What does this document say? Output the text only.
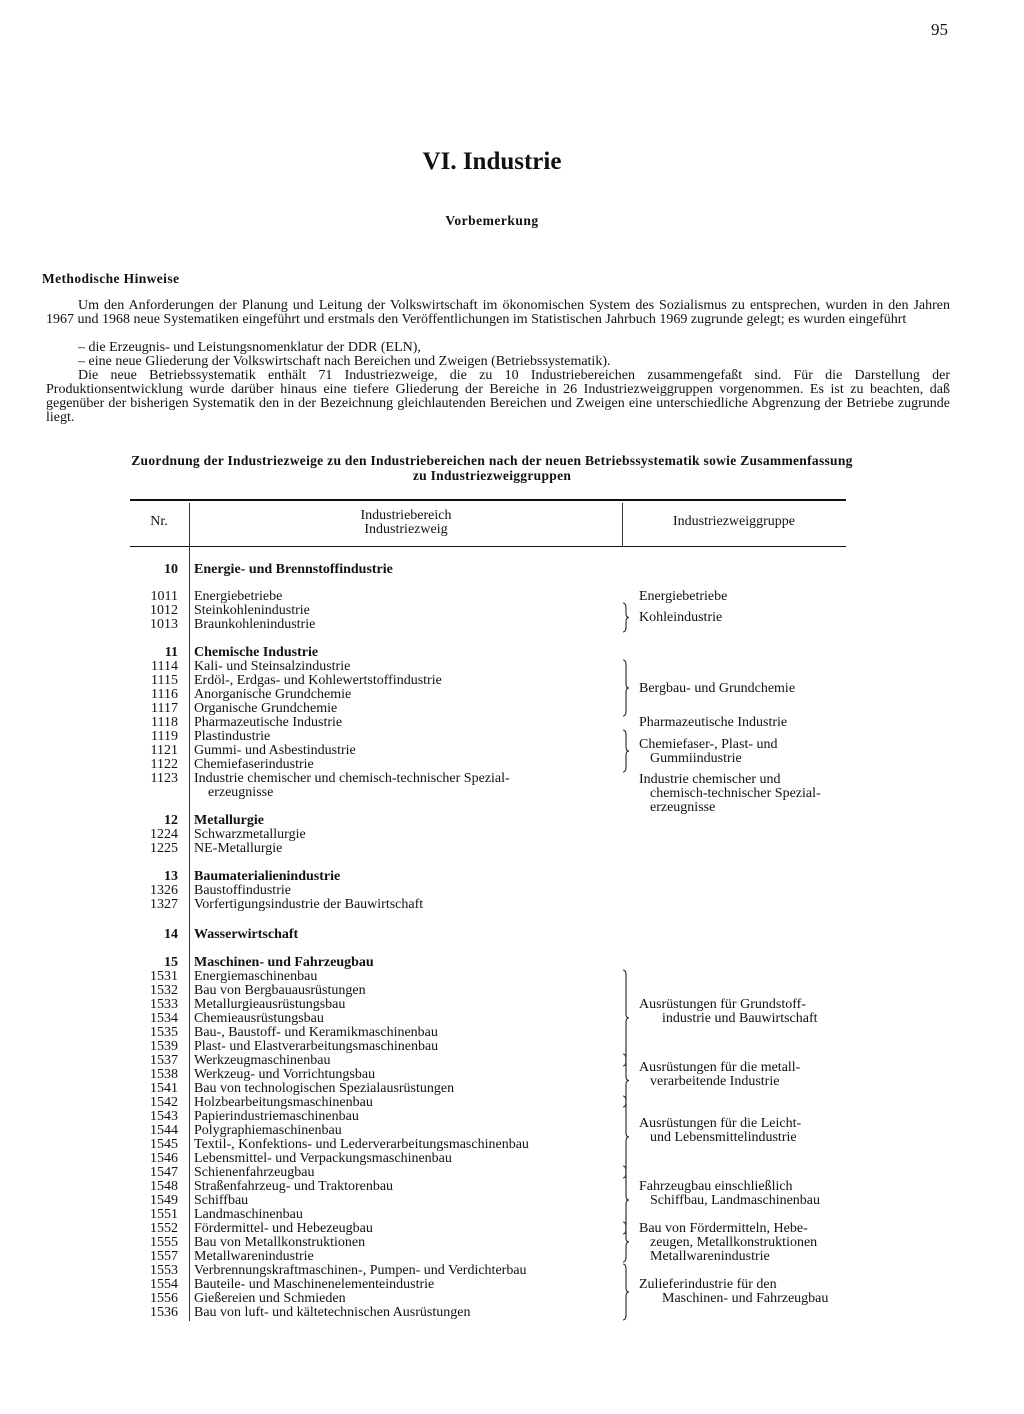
95
VI. Industrie
Vorbemerkung
Methodische Hinweise

Um den Anforderungen der Planung und Leitung der Volkswirtschaft im ökonomischen System des Sozialismus zu entsprechen, wurden in den Jahren 1967 und 1968 neue Systematiken eingeführt und erstmals den Veröffentlichungen im Statistischen Jahrbuch 1969 zugrunde gelegt; es wurden eingeführt

– die Erzeugnis- und Leistungsnomenklatur der DDR (ELN),
– eine neue Gliederung der Volkswirtschaft nach Bereichen und Zweigen (Betriebssystematik).

Die neue Betriebssystematik enthält 71 Industriezweige, die zu 10 Industriebereichen zusammengefaßt sind. Für die Darstellung der Produktionsentwicklung wurde darüber hinaus eine tiefere Gliederung der Bereiche in 26 Industriezweiggruppen vorgenommen. Es ist zu beachten, daß gegenüber der bisherigen Systematik den in der Bezeichnung gleichlautenden Bereichen und Zweigen eine unterschiedliche Abgrenzung der Betriebe zugrunde liegt.

Zuordnung der Industriezweige zu den Industriebereichen nach der neuen Betriebssystematik sowie Zusammenfassung
zu Industriezweiggruppen
Nr.	Industriebereich
Industriezweig
Industriezweiggruppe
10 Energie- und Brennstoffindustrie
1011 Energiebetriebe
1012 Steinkohlenindustrie
1013 Braunkohlenindustrie
11 Chemische Industrie
1114 Kali- und Steinsalzindustrie
1115 Erdöl-, Erdgas- und Kohlewertstoffindustrie
1116 Anorganische Grundchemie
1117 Organische Grundchemie
1118 Pharmazeutische Industrie
1119 Plastindustrie
1121 Gummi- und Asbestindustrie
1122 Chemiefaserindustrie
1123 Industrie chemischer und chemisch-technischer Spezial-
erzeugnisse
12 Metallurgie
1224 Schwarzmetallurgie
1225 NE-Metallurgie
13 Baumaterialienindustrie
1326 Baustoffindustrie
1327 Vorfertigungsindustrie der Bauwirtschaft
14 Wasserwirtschaft
15 Maschinen- und Fahrzeugbau
1531 Energiemaschinenbau
1532 Bau von Bergbauausrüstungen
1533 Metallurgieausrüstungsbau
1534 Chemieausrüstungsbau
1535 Bau-, Baustoff- und Keramikmaschinenbau
1539 Plast- und Elastverarbeitungsmaschinenbau
1537 Werkzeugmaschinenbau
1538 Werkzeug- und Vorrichtungsbau
1541 Bau von technologischen Spezialausrüstungen
1542 Holzbearbeitungsmaschinenbau
1543 Papierindustriemaschinenbau
1544 Polygraphiemaschinenbau
1545 Textil-, Konfektions- und Lederverarbeitungsmaschinenbau
1546 Lebensmittel- und Verpackungsmaschinenbau
1547 Schienenfahrzeugbau
1548 Straßenfahrzeug- und Traktorenbau
1549 Schiffbau
1551 Landmaschinenbau
1552 Fördermittel- und Hebezeugbau
1555 Bau von Metallkonstruktionen
1557 Metallwarenindustrie
1553 Verbrennungskraftmaschinen-, Pumpen- und Verdichterbau
1554 Bauteile- und Maschinenelementeindustrie
1556 Gießereien und Schmieden
1536 Bau von luft- und kältetechnischen Ausrüstungen
Energiebetriebe
Kohleindustrie
Bergbau- und Grundchemie
Pharmazeutische Industrie
Chemiefaser-, Plast- und
Gummiindustrie
Industrie chemischer und
chemisch-technischer Spezial-
erzeugnisse
Ausrüstungen für Grundstoff-
industrie und Bauwirtschaft
Ausrüstungen für die metall-
verarbeitende Industrie
Ausrüstungen für die Leicht-
und Lebensmittelindustrie
Fahrzeugbau einschließlich
Schiffbau, Landmaschinenbau
Bau von Fördermitteln, Hebe-
zeugen, Metallkonstruktionen
Metallwarenindustrie
Zulieferindustrie für den
Maschinen- und Fahrzeugbau
